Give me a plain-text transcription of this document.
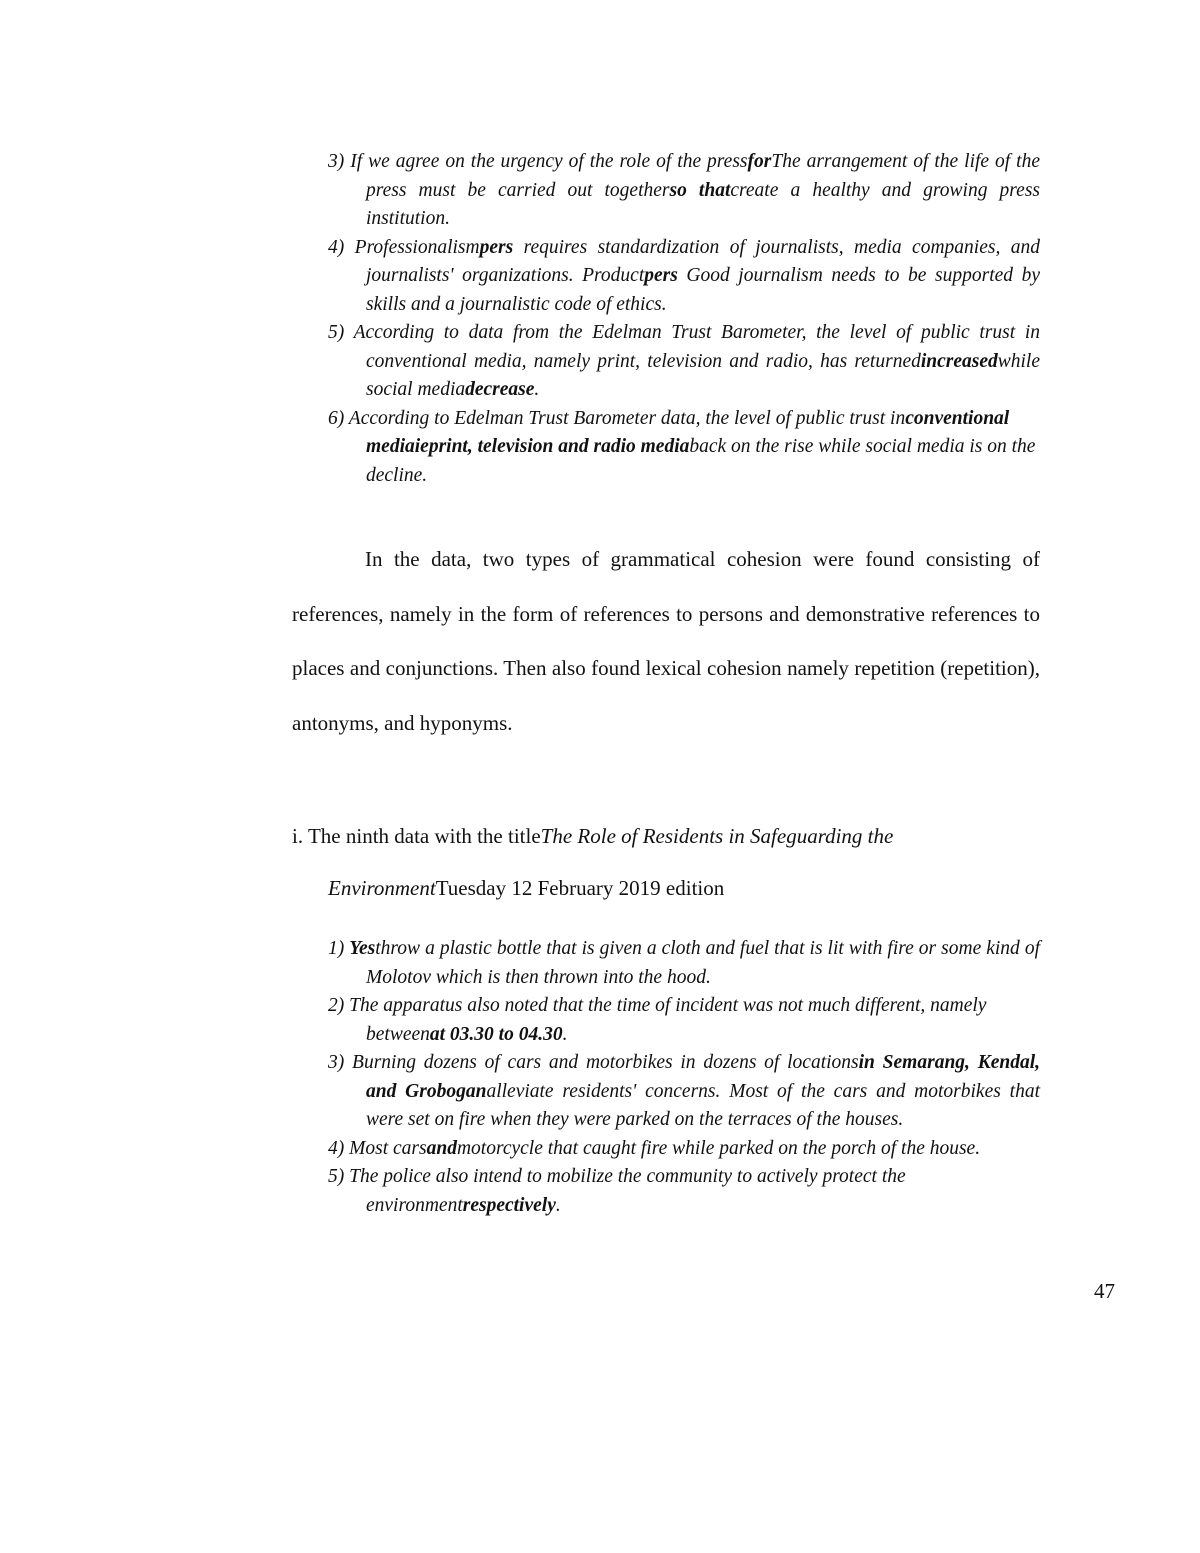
3) If we agree on the urgency of the role of the pressforThe arrangement of the life of the press must be carried out togetherso thatcreate a healthy and growing press institution.
4) Professionalismpers requires standardization of journalists, media companies, and journalists' organizations. Productpers Good journalism needs to be supported by skills and a journalistic code of ethics.
5) According to data from the Edelman Trust Barometer, the level of public trust in conventional media, namely print, television and radio, has returnedincreasedwhile social mediadecrease.
6) According to Edelman Trust Barometer data, the level of public trust inconventional mediaieprint, television and radio mediaback on the rise while social media is on the decline.

In the data, two types of grammatical cohesion were found consisting of references, namely in the form of references to persons and demonstrative references to places and conjunctions. Then also found lexical cohesion namely repetition (repetition), antonyms, and hyponyms.

i. The ninth data with the titleThe Role of Residents in Safeguarding the
EnvironmentTuesday 12 February 2019 edition
1) Yesthrow a plastic bottle that is given a cloth and fuel that is lit with fire or some kind of Molotov which is then thrown into the hood.
2) The apparatus also noted that the time of incident was not much different, namely betweenat 03.30 to 04.30.
3) Burning dozens of cars and motorbikes in dozens of locationsin Semarang, Kendal, and Groboganalleviate residents' concerns. Most of the cars and motorbikes that were set on fire when they were parked on the terraces of the houses.
4) Most carsandmotorcycle that caught fire while parked on the porch of the house.
5) The police also intend to mobilize the community to actively protect the environmentrespectively.
47
